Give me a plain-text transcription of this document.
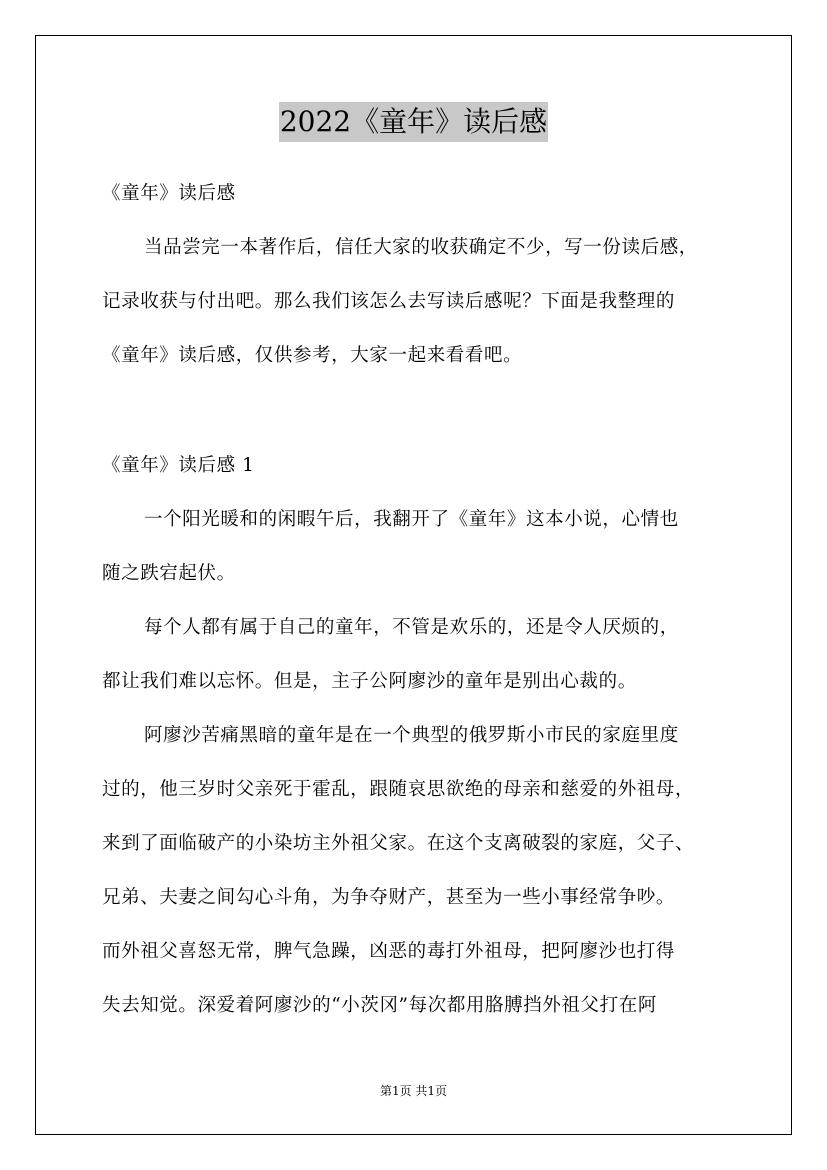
2022《童年》读后感
《童年》读后感
当品尝完一本著作后，信任大家的收获确定不少，写一份读后感，
记录收获与付出吧。那么我们该怎么去写读后感呢？下面是我整理的
《童年》读后感，仅供参考，大家一起来看看吧。
《童年》读后感 1
一个阳光暖和的闲暇午后，我翻开了《童年》这本小说，心情也
随之跌宕起伏。
每个人都有属于自己的童年，不管是欢乐的，还是令人厌烦的，
都让我们难以忘怀。但是，主子公阿廖沙的童年是别出心裁的。
阿廖沙苦痛黑暗的童年是在一个典型的俄罗斯小市民的家庭里度
过的，他三岁时父亲死于霍乱，跟随哀思欲绝的母亲和慈爱的外祖母，
来到了面临破产的小染坊主外祖父家。在这个支离破裂的家庭，父子、
兄弟、夫妻之间勾心斗角，为争夺财产，甚至为一些小事经常争吵。
而外祖父喜怒无常，脾气急躁，凶恶的毒打外祖母，把阿廖沙也打得
失去知觉。深爱着阿廖沙的“小茨冈”每次都用胳膊挡外祖父打在阿
第1页 共1页
